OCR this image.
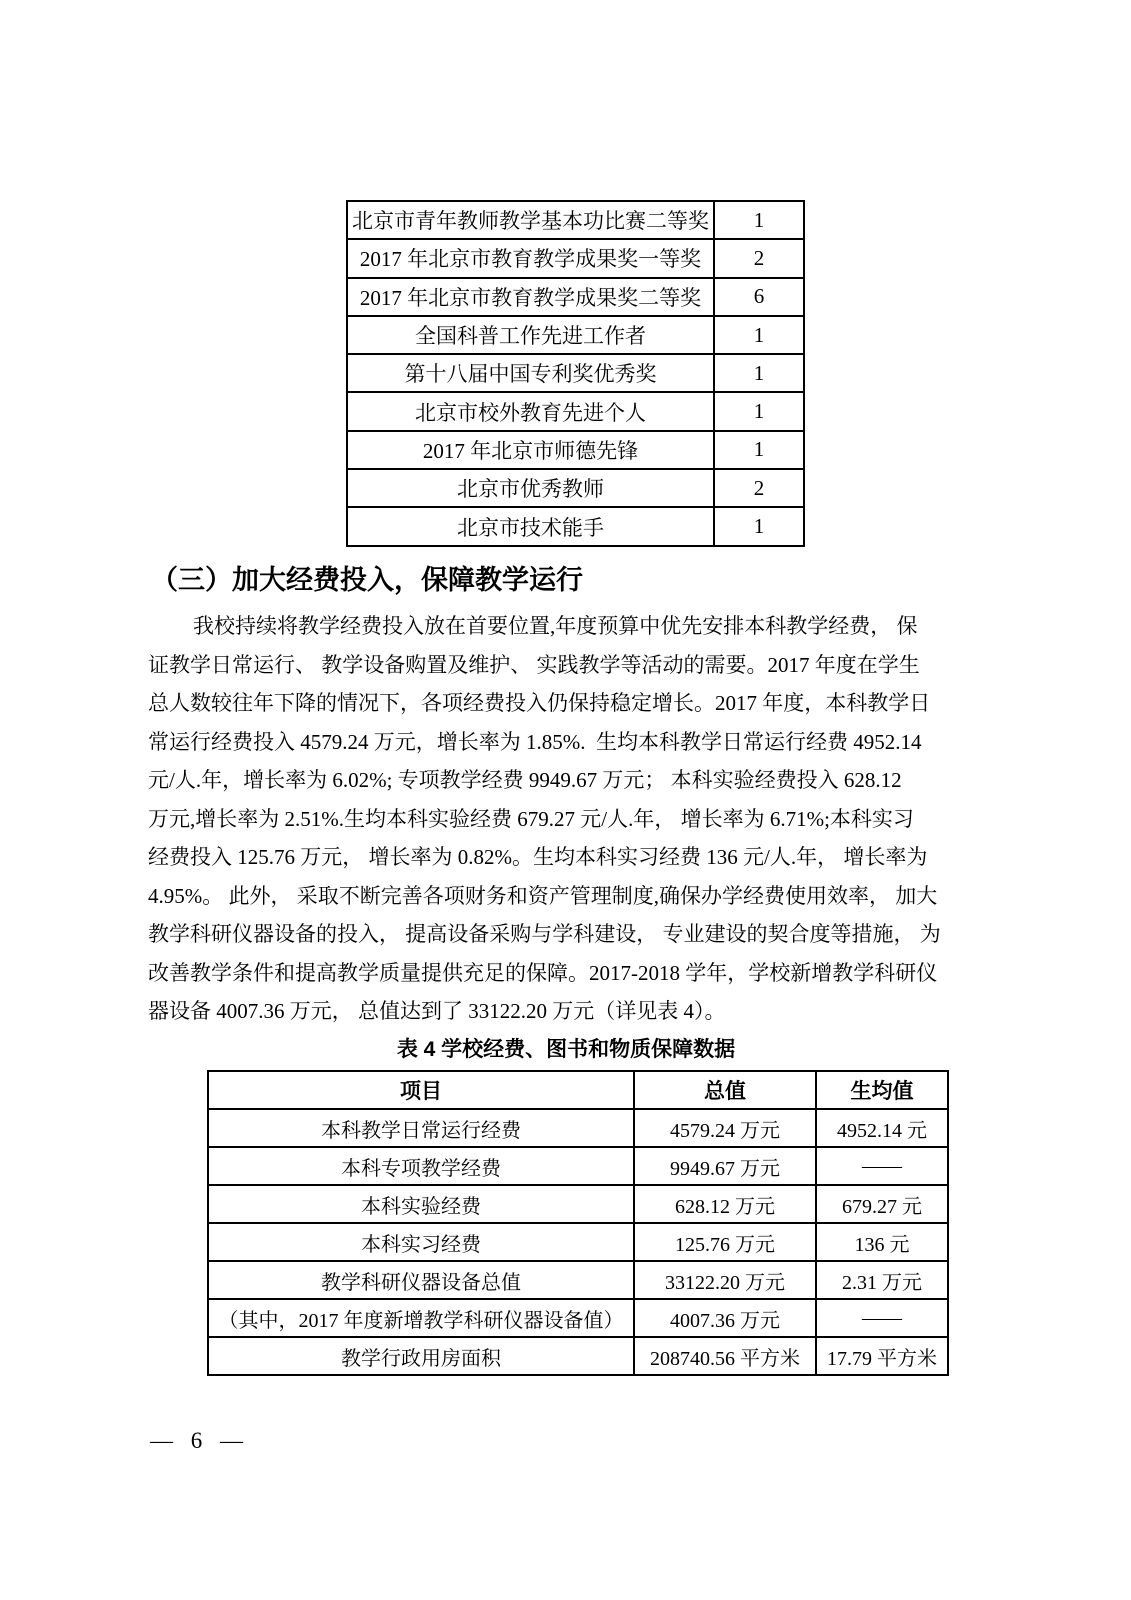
北京市青年教师教学基本功比赛二等奖	1
2017 年北京市教育教学成果奖一等奖	2
2017 年北京市教育教学成果奖二等奖	6
全国科普工作先进工作者	1
第十八届中国专利奖优秀奖	1
北京市校外教育先进个人	1
2017 年北京市师德先锋	1
北京市优秀教师	2
北京市技术能手	1
（三）加大经费投入，保障教学运行
我校持续将教学经费投入放在首要位置,年度预算中优先安排本科教学经费， 保
证教学日常运行、 教学设备购置及维护、 实践教学等活动的需要。2017 年度在学生
总人数较往年下降的情况下，各项经费投入仍保持稳定增长。2017 年度，本科教学日
常运行经费投入 4579.24 万元，增长率为 1.85%.  生均本科教学日常运行经费 4952.14
元/人.年，增长率为 6.02%; 专项教学经费 9949.67 万元； 本科实验经费投入 628.12
万元,增长率为 2.51%.生均本科实验经费 679.27 元/人.年， 增长率为 6.71%;本科实习
经费投入 125.76 万元， 增长率为 0.82%。生均本科实习经费 136 元/人.年， 增长率为
4.95%。 此外， 采取不断完善各项财务和资产管理制度,确保办学经费使用效率， 加大
教学科研仪器设备的投入， 提高设备采购与学科建设， 专业建设的契合度等措施， 为
改善教学条件和提高教学质量提供充足的保障。2017-2018 学年，学校新增教学科研仪
器设备 4007.36 万元， 总值达到了 33122.20 万元（详见表 4）。
表 4 学校经费、图书和物质保障数据
项目	总值	生均值
本科教学日常运行经费	4579.24 万元	4952.14 元
本科专项教学经费	9949.67 万元	——
本科实验经费	628.12 万元	679.27 元
本科实习经费	125.76 万元	136 元
教学科研仪器设备总值	33122.20 万元	2.31 万元
（其中，2017 年度新增教学科研仪器设备值）	4007.36 万元	——
教学行政用房面积	208740.56 平方米	17.79 平方米
— 6 —
